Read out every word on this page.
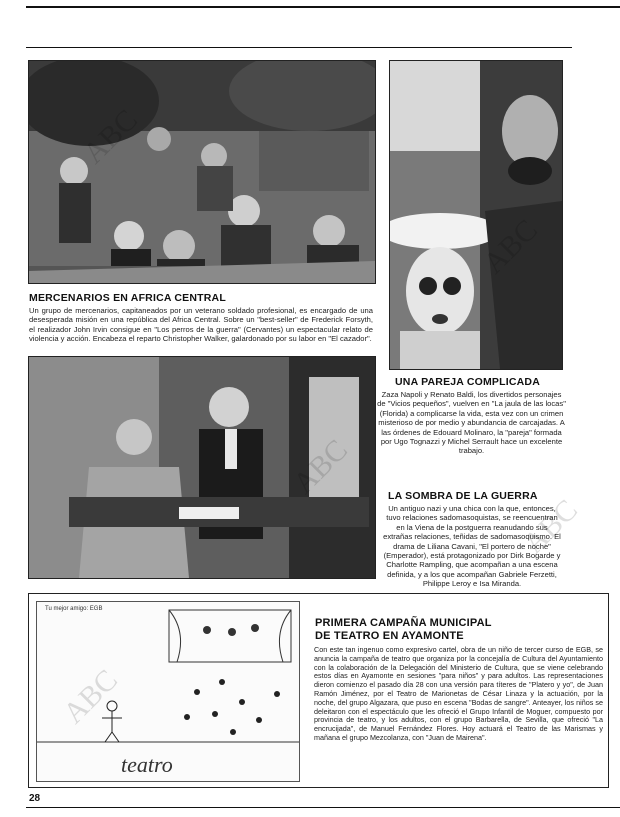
MERCENARIOS EN AFRICA CENTRAL

Un grupo de mercenarios, capitaneados por un veterano soldado profesional, es encargado de una desesperada misión en una república del Africa Central. Sobre un "best-seller" de Frederick Forsyth, el realizador John Irvin consigue en "Los perros de la guerra" (Cervantes) un espectacular relato de violencia y acción. Encabeza el reparto Christopher Walker, galardonado por su labor en "El cazador".

UNA PAREJA COMPLICADA

Zaza Napoli y Renato Baldi, los divertidos personajes de "Vicios pequeños", vuelven en "La jaula de las locas" (Florida) a complicarse la vida, esta vez con un crimen misterioso de por medio y abundancia de carcajadas. A las órdenes de Edouard Molinaro, la "pareja" formada por Ugo Tognazzi y Michel Serrault hace un excelente trabajo.

LA SOMBRA DE LA GUERRA

Un antiguo nazi y una chica con la que, entonces, tuvo relaciones sadomasoquistas, se reencuentran en la Viena de la postguerra reanudando sus extrañas relaciones, teñidas de sadomasoquismo. El drama de Liliana Cavani, "El portero de noche" (Emperador), está protagonizado por Dirk Bogarde y Charlotte Rampling, que acompañan a una escena definida, y a los que acompañan Gabriele Ferzetti, Philippe Leroy e Isa Miranda.

Tu mejor amigo: EGB
teatro
PRIMERA CAMPAÑA MUNICIPAL
DE TEATRO EN AYAMONTE

Con este tan ingenuo como expresivo cartel, obra de un niño de tercer curso de EGB, se anuncia la campaña de teatro que organiza por la concejalía de Cultura del Ayuntamiento con la colaboración de la Delegación del Ministerio de Cultura, que se viene celebrando estos días en Ayamonte en sesiones "para niños" y para adultos. Las representaciones dieron comienzo el pasado día 28 con una versión para títeres de "Platero y yo", de Juan Ramón Jiménez, por el Teatro de Marionetas de César Linaza y la actuación, por la noche, del grupo Algazara, que puso en escena "Bodas de sangre". Anteayer, los niños se deleitaron con el espectáculo que les ofreció el Grupo Infantil de Moguer, compuesto por provincia de teatro, y los adultos, con el grupo Barbarella, de Sevilla, que ofreció "La encrucijada", de Manuel Fernández Flores. Hoy actuará el Teatro de las Marismas y mañana el grupo Mezcolanza, con "Juan de Mairena".

28
ABC
